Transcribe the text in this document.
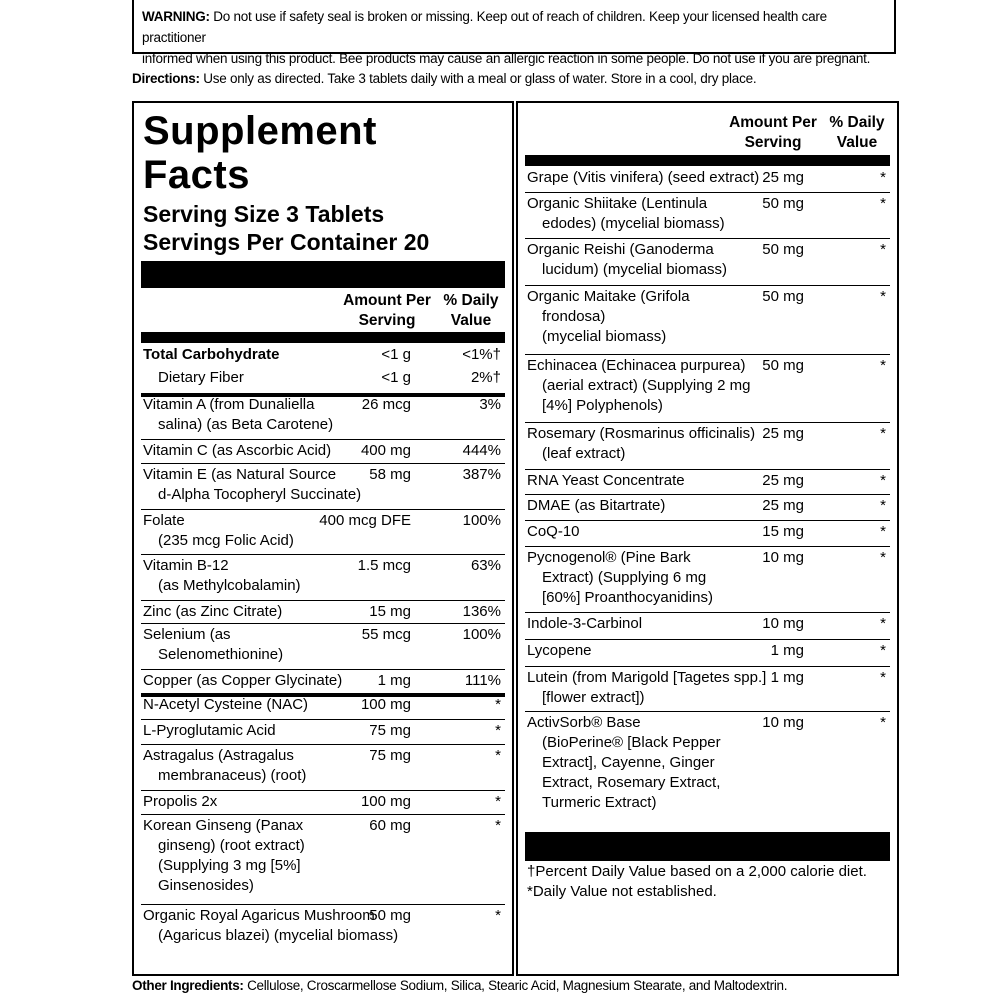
WARNING: Do not use if safety seal is broken or missing. Keep out of reach of children. Keep your licensed health care practitioner
informed when using this product. Bee products may cause an allergic reaction in some people. Do not use if you are pregnant.
Directions: Use only as directed. Take 3 tablets daily with a meal or glass of water. Store in a cool, dry place.
Supplement
Facts
Serving Size 3 Tablets
Servings Per Container 20
Amount Per
Serving
% Daily
Value
Total Carbohydrate	<1 g	<1%†
Dietary Fiber	<1 g	2%†
Vitamin A (from Dunaliella
salina) (as Beta Carotene)
26 mcg	3%
Vitamin C (as Ascorbic Acid) 400 mg	444%
Vitamin E (as Natural Source
d-Alpha Tocopheryl Succinate)
58 mg	387%
Folate
(235 mcg Folic Acid)
400 mcg DFE	100%
Vitamin B-12
(as Methylcobalamin)
1.5 mcg	63%
Zinc (as Zinc Citrate)	15 mg	136%
Selenium (as
Selenomethionine)
55 mcg	100%
Copper (as Copper Glycinate) 1 mg	111%
N-Acetyl Cysteine (NAC)	100 mg	*
L-Pyroglutamic Acid	75 mg	*
Astragalus (Astragalus
membranaceus) (root)
75 mg	*
Propolis 2x	100 mg	*
Korean Ginseng (Panax
ginseng) (root extract)
(Supplying 3 mg [5%]
Ginsenosides)
60 mg	*
Organic Royal Agaricus Mushroom
(Agaricus blazei) (mycelial biomass)
50 mg	*
Amount Per
Serving
% Daily
Value
Grape (Vitis vinifera) (seed extract) 25 mg	*
Organic Shiitake (Lentinula
edodes) (mycelial biomass)
50 mg	*
Organic Reishi (Ganoderma
lucidum) (mycelial biomass)
50 mg	*
Organic Maitake (Grifola
frondosa)
(mycelial biomass)
50 mg	*
Echinacea (Echinacea purpurea)
(aerial extract) (Supplying 2 mg
[4%] Polyphenols)
50 mg	*
Rosemary (Rosmarinus officinalis)
(leaf extract)
25 mg	*
RNA Yeast Concentrate	25 mg	*
DMAE (as Bitartrate)	25 mg	*
CoQ-10	15 mg	*
Pycnogenol® (Pine Bark
Extract) (Supplying 6 mg
[60%] Proanthocyanidins)
10 mg	*
Indole-3-Carbinol	10 mg	*
Lycopene	1 mg	*
Lutein (from Marigold [Tagetes spp.]
[flower extract])
1 mg	*
ActivSorb® Base
(BioPerine® [Black Pepper
Extract], Cayenne, Ginger
Extract, Rosemary Extract,
Turmeric Extract)
10 mg	*
†Percent Daily Value based on a 2,000 calorie diet.
*Daily Value not established.
Other Ingredients: Cellulose, Croscarmellose Sodium, Silica, Stearic Acid, Magnesium Stearate, and Maltodextrin.
